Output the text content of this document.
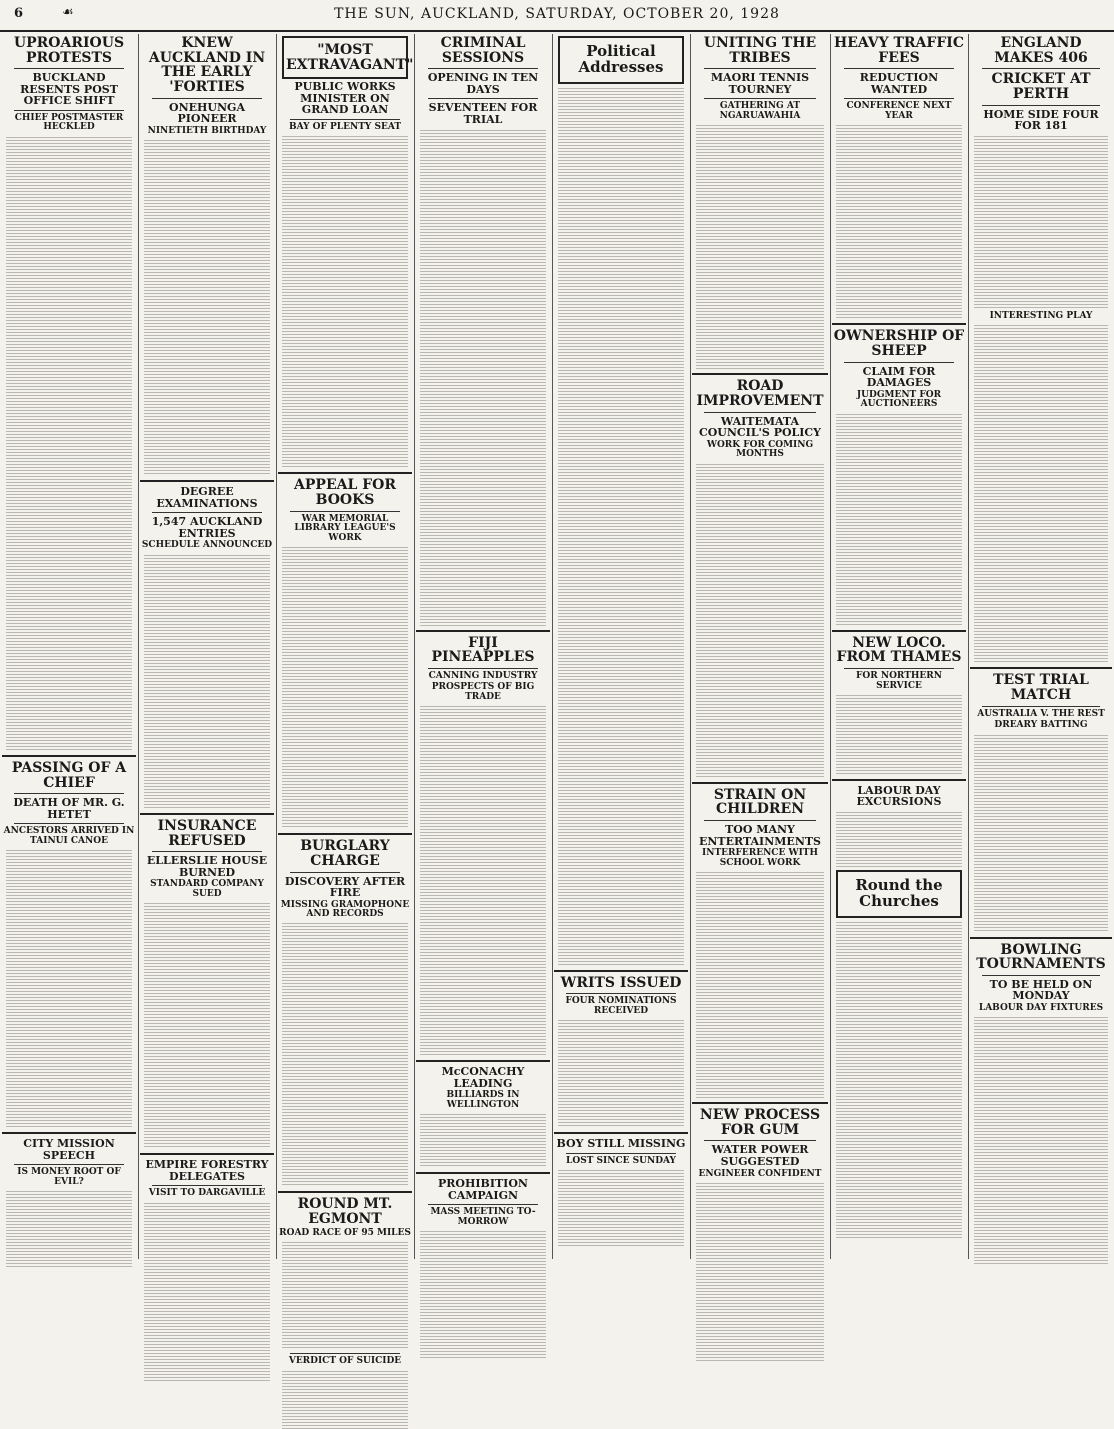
6	☙	THE SUN, AUCKLAND, SATURDAY, OCTOBER 20, 1928
UPROARIOUS PROTESTS
BUCKLAND RESENTS POST OFFICE SHIFT
CHIEF POSTMASTER HECKLED
PASSING OF A CHIEF
DEATH OF MR. G. HETET
ANCESTORS ARRIVED IN TAINUI CANOE
CITY MISSION SPEECH
IS MONEY ROOT OF EVIL?
KNEW AUCKLAND IN THE EARLY 'FORTIES
ONEHUNGA PIONEER
NINETIETH BIRTHDAY
DEGREE EXAMINATIONS
1,547 AUCKLAND ENTRIES
SCHEDULE ANNOUNCED
INSURANCE REFUSED
ELLERSLIE HOUSE BURNED
STANDARD COMPANY SUED
EMPIRE FORESTRY DELEGATES
VISIT TO DARGAVILLE
"MOST EXTRAVAGANT"
PUBLIC WORKS MINISTER ON GRAND LOAN
BAY OF PLENTY SEAT
APPEAL FOR BOOKS
WAR MEMORIAL LIBRARY LEAGUE'S WORK
BURGLARY CHARGE
DISCOVERY AFTER FIRE
MISSING GRAMOPHONE AND RECORDS
ROUND MT. EGMONT
ROAD RACE OF 95 MILES
VERDICT OF SUICIDE
CRIMINAL SESSIONS
OPENING IN TEN DAYS
SEVENTEEN FOR TRIAL
FIJI PINEAPPLES
CANNING INDUSTRY
PROSPECTS OF BIG TRADE
McCONACHY LEADING
BILLIARDS IN WELLINGTON
PROHIBITION CAMPAIGN
MASS MEETING TO-MORROW
Political Addresses
WRITS ISSUED
FOUR NOMINATIONS RECEIVED
BOY STILL MISSING
LOST SINCE SUNDAY
UNITING THE TRIBES
MAORI TENNIS TOURNEY
GATHERING AT NGARUAWAHIA
ROAD IMPROVEMENT
WAITEMATA COUNCIL'S POLICY
WORK FOR COMING MONTHS
STRAIN ON CHILDREN
TOO MANY ENTERTAINMENTS
INTERFERENCE WITH SCHOOL WORK
NEW PROCESS FOR GUM
WATER POWER SUGGESTED
ENGINEER CONFIDENT
HEAVY TRAFFIC FEES
REDUCTION WANTED
CONFERENCE NEXT YEAR
OWNERSHIP OF SHEEP
CLAIM FOR DAMAGES
JUDGMENT FOR AUCTIONEERS
NEW LOCO. FROM THAMES
FOR NORTHERN SERVICE
LABOUR DAY EXCURSIONS
Round the Churches
ENGLAND MAKES 406
CRICKET AT PERTH
HOME SIDE FOUR FOR 181
INTERESTING PLAY
TEST TRIAL MATCH
AUSTRALIA V. THE REST
DREARY BATTING
BOWLING TOURNAMENTS
TO BE HELD ON MONDAY
LABOUR DAY FIXTURES
